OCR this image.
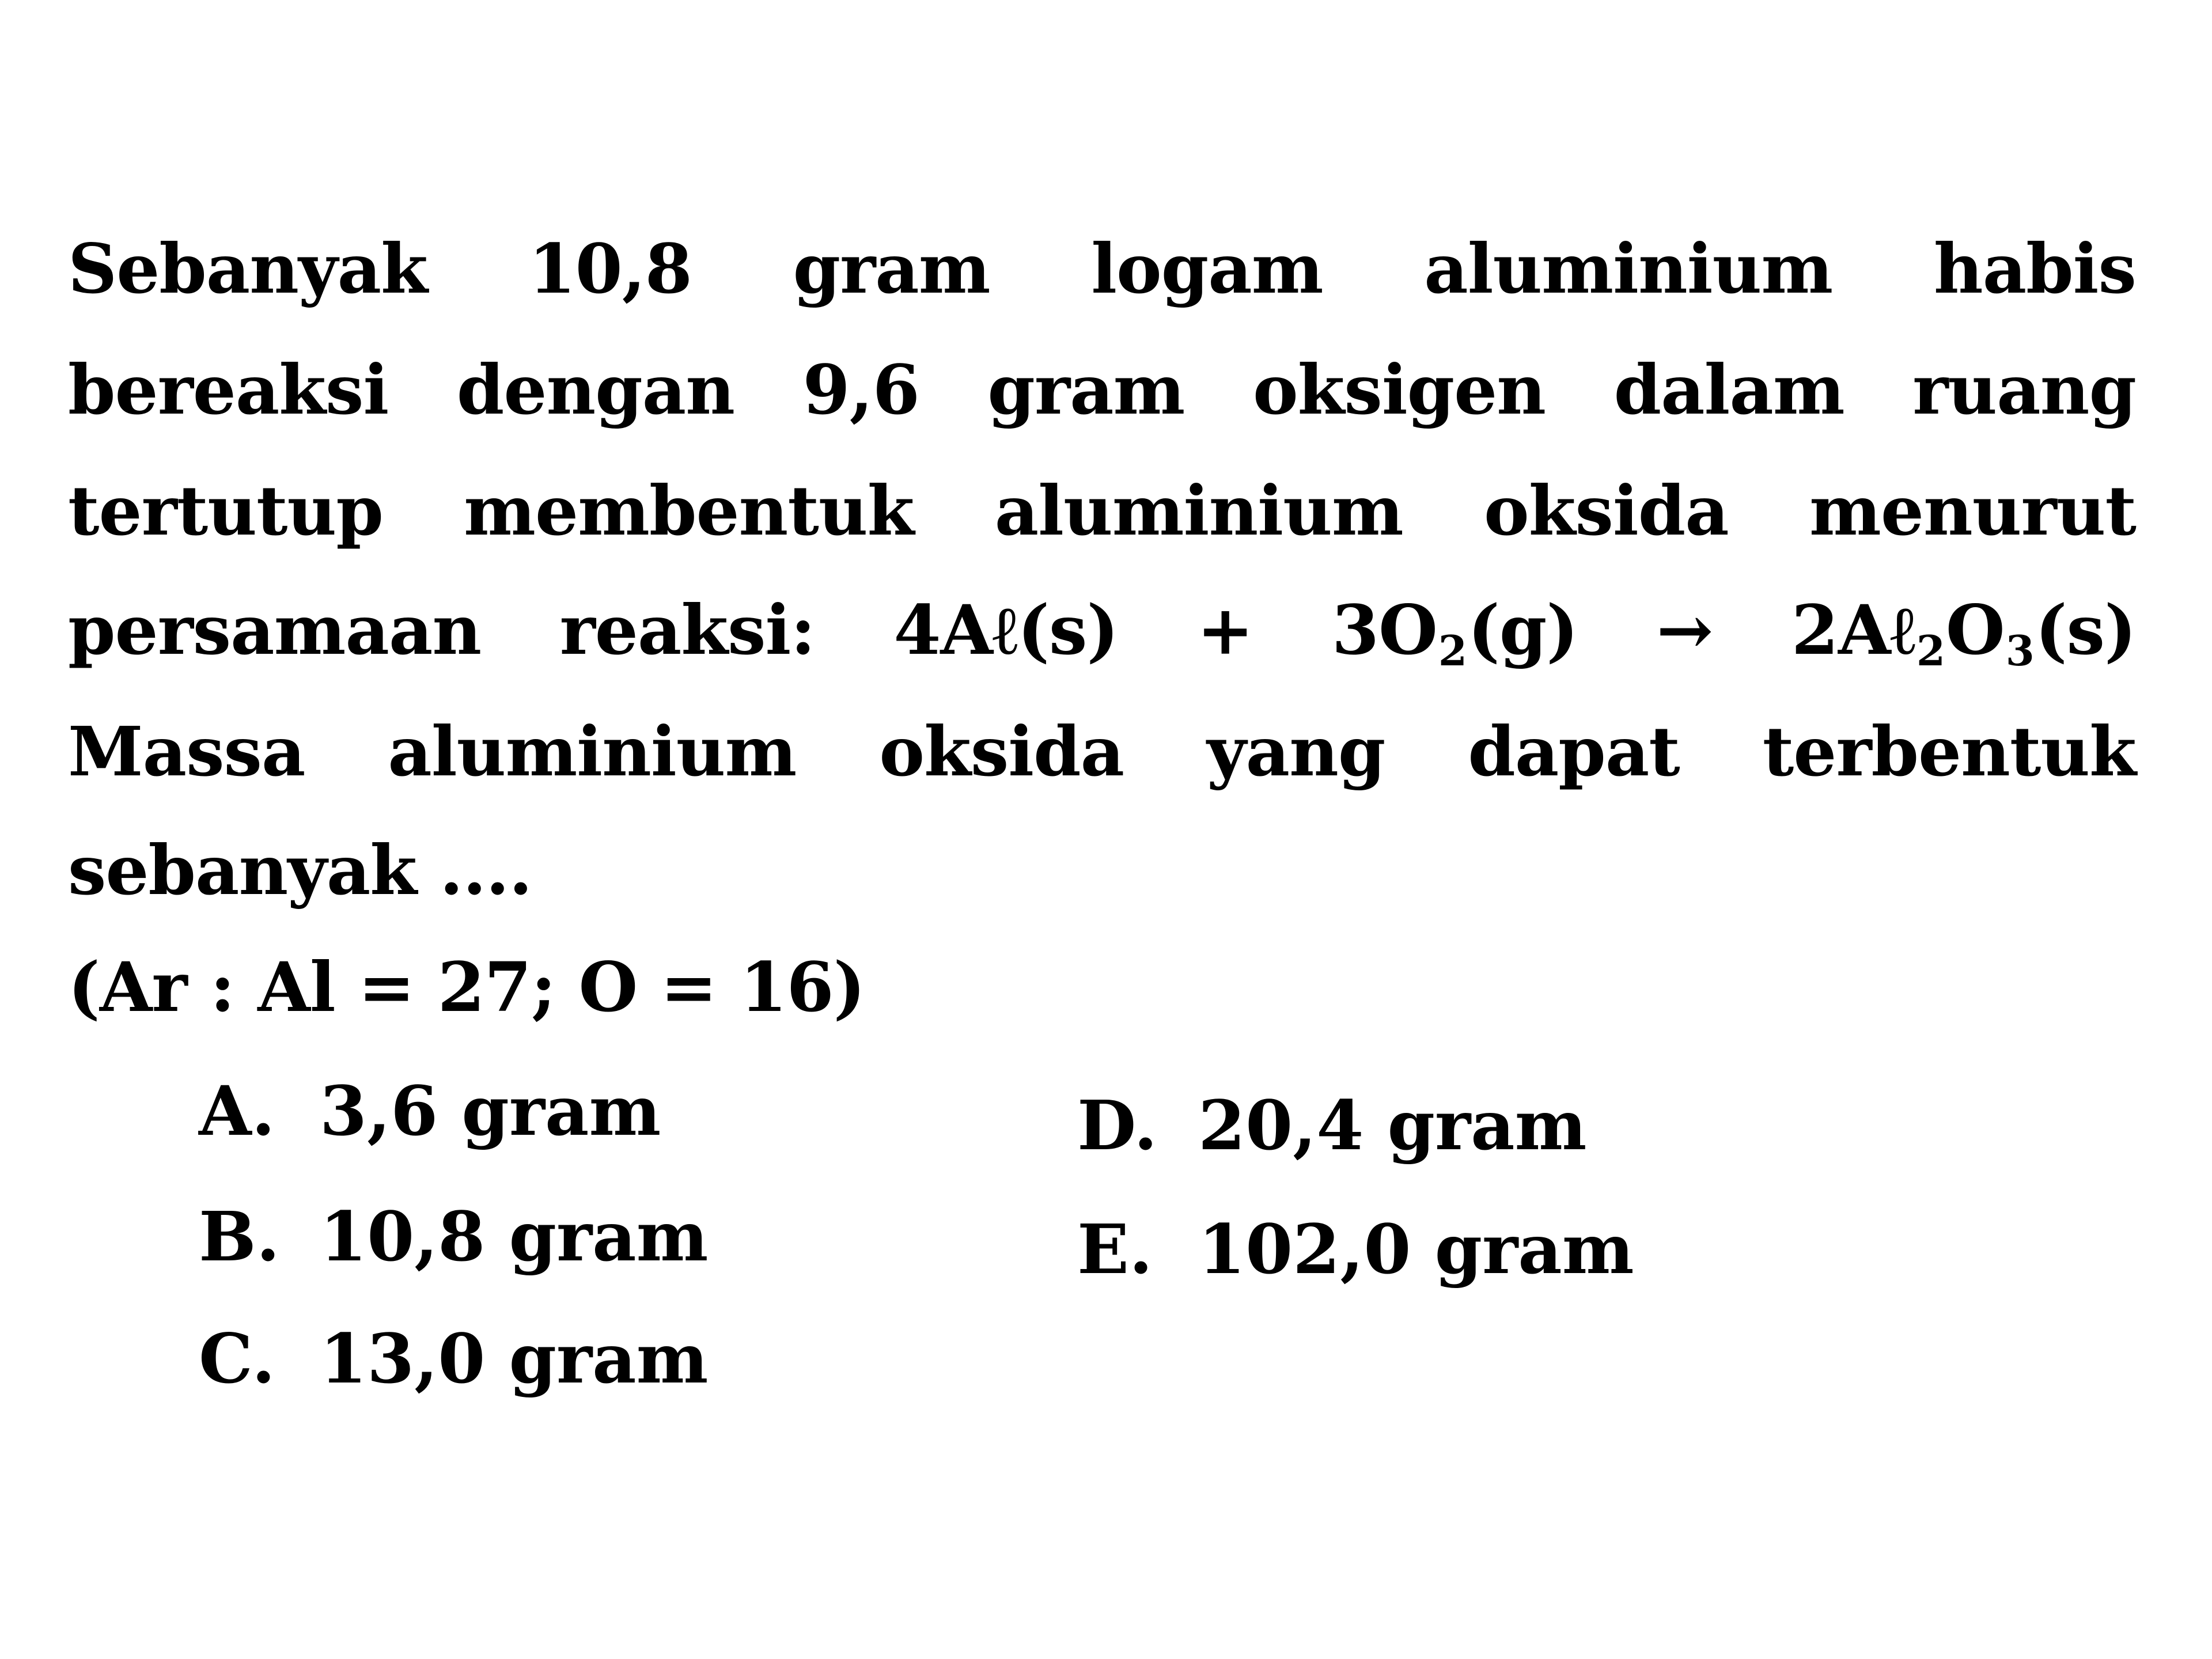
Sebanyak 10,8 gram logam aluminium habis
bereaksi dengan 9,6 gram oksigen dalam ruang
tertutup membentuk aluminium oksida menurut
persamaan reaksi: 4Aℓ(s) + 3O2(g) → 2Aℓ2O3(s)
Massa aluminium oksida yang dapat terbentuk
sebanyak ....
(Ar : Al = 27; O = 16)
A. 3,6 gram
B. 10,8 gram
C. 13,0 gram
D. 20,4 gram
E. 102,0 gram
